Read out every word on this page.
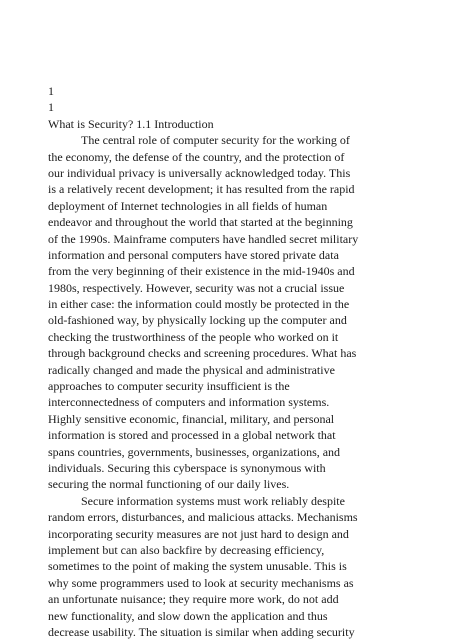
1
1
What is Security? 1.1 Introduction
The central role of computer security for the working of
the economy, the defense of the country, and the protection of
our individual privacy is universally acknowledged today. This
is a relatively recent development; it has resulted from the rapid
deployment of Internet technologies in all fields of human
endeavor and throughout the world that started at the beginning
of the 1990s. Mainframe computers have handled secret military
information and personal computers have stored private data
from the very beginning of their existence in the mid-1940s and
1980s, respectively. However, security was not a crucial issue
in either case: the information could mostly be protected in the
old-fashioned way, by physically locking up the computer and
checking the trustworthiness of the people who worked on it
through background checks and screening procedures. What has
radically changed and made the physical and administrative
approaches to computer security insufficient is the
interconnectedness of computers and information systems.
Highly sensitive economic, financial, military, and personal
information is stored and processed in a global network that
spans countries, governments, businesses, organizations, and
individuals. Securing this cyberspace is synonymous with
securing the normal functioning of our daily lives.
Secure information systems must work reliably despite
random errors, disturbances, and malicious attacks. Mechanisms
incorporating security measures are not just hard to design and
implement but can also backfire by decreasing efficiency,
sometimes to the point of making the system unusable. This is
why some programmers used to look at security mechanisms as
an unfortunate nuisance; they require more work, do not add
new functionality, and slow down the application and thus
decrease usability. The situation is similar when adding security
